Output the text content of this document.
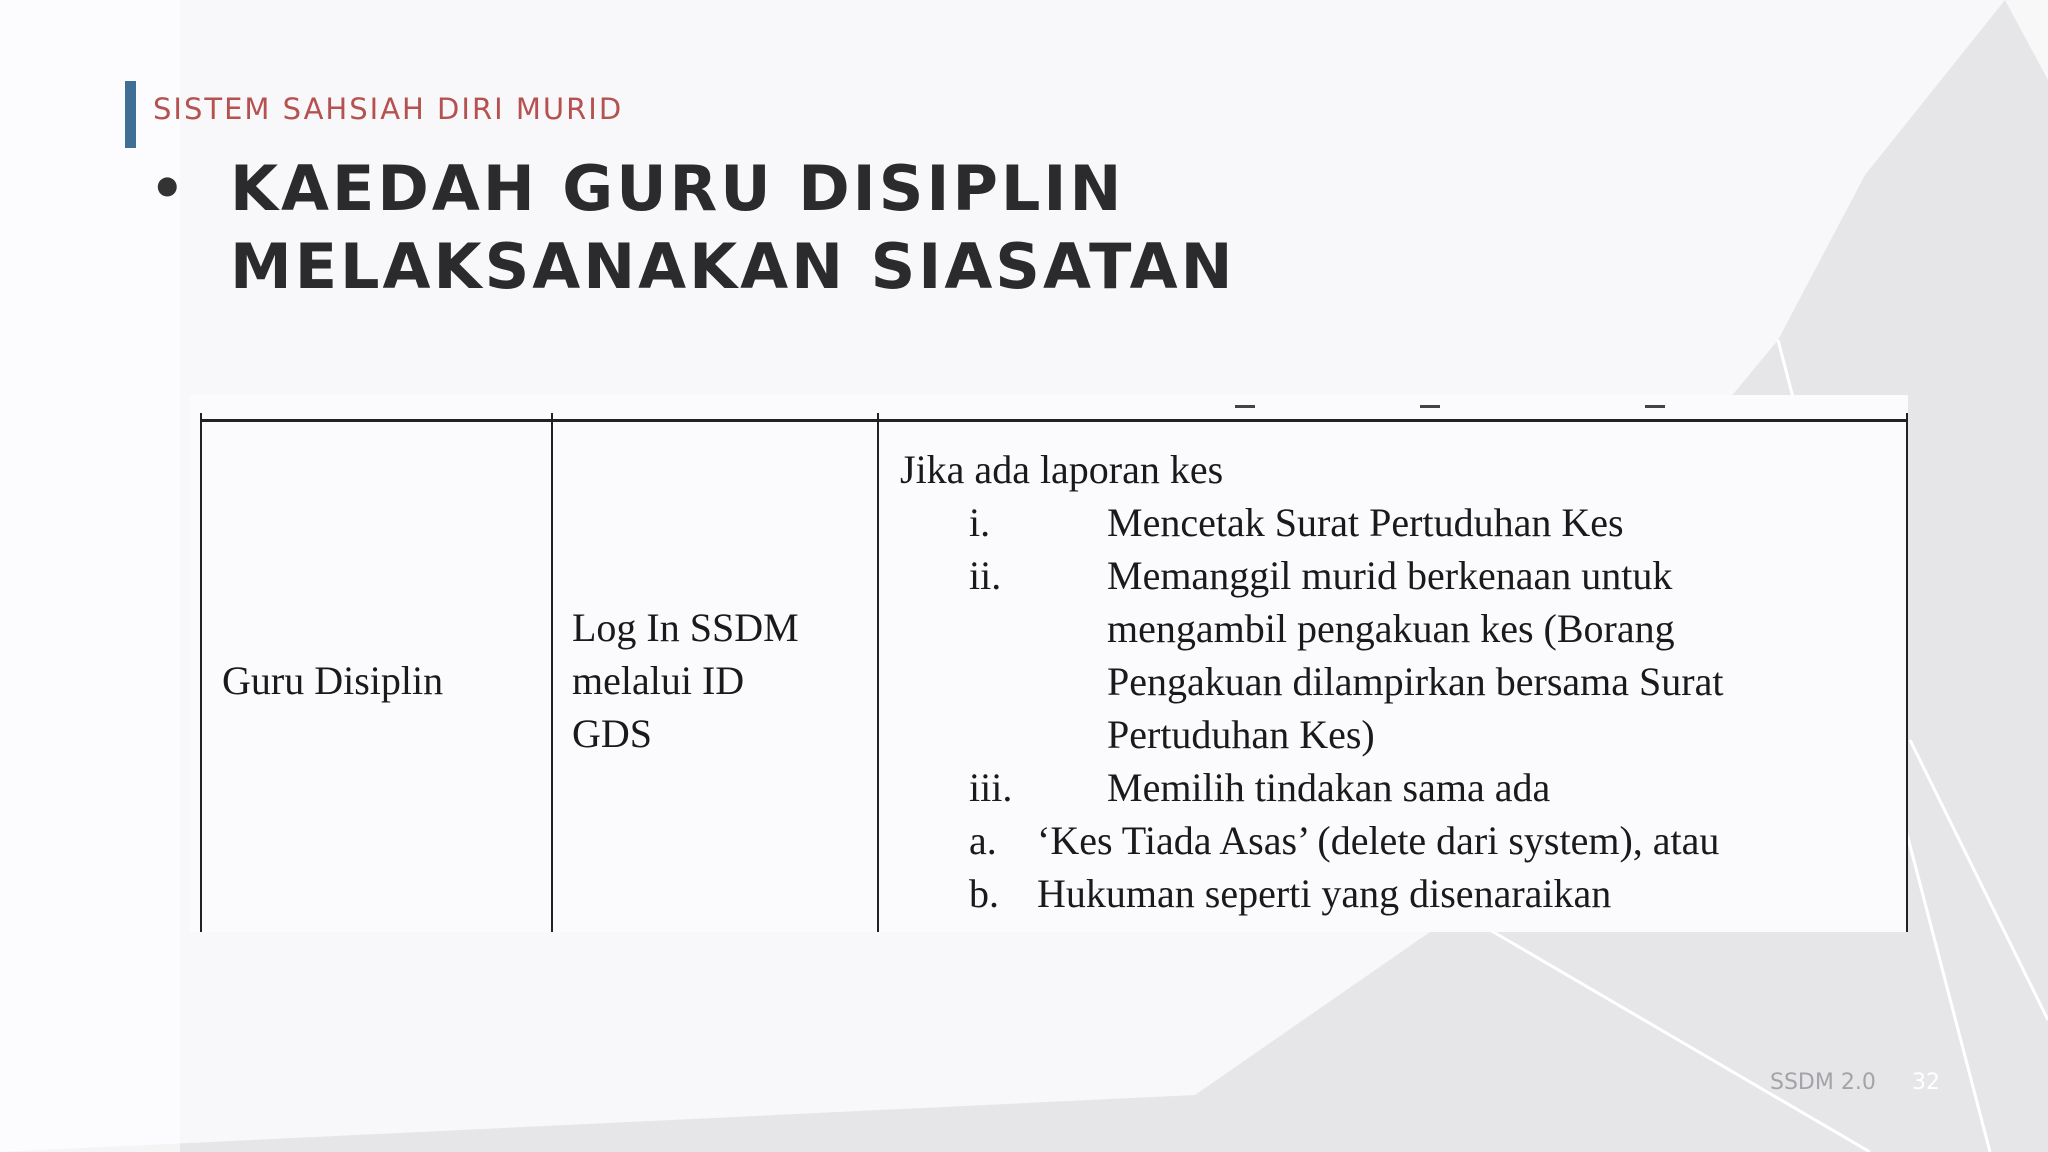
SISTEM SAHSIAH DIRI MURID
• KAEDAH GURU DISIPLIN
MELAKSANAKAN SIASATAN
Guru Disiplin
Log In SSDM
melalui ID
GDS
Jika ada laporan kes
i.	Mencetak Surat Pertuduhan Kes
ii.	Memanggil murid berkenaan untuk
mengambil pengakuan kes (Borang
Pengakuan dilampirkan bersama Surat
Pertuduhan Kes)
iii. Memilih tindakan sama ada
a. ‘Kes Tiada Asas’ (delete dari system), atau
b. Hukuman seperti yang disenaraikan
SSDM 2.0 32
